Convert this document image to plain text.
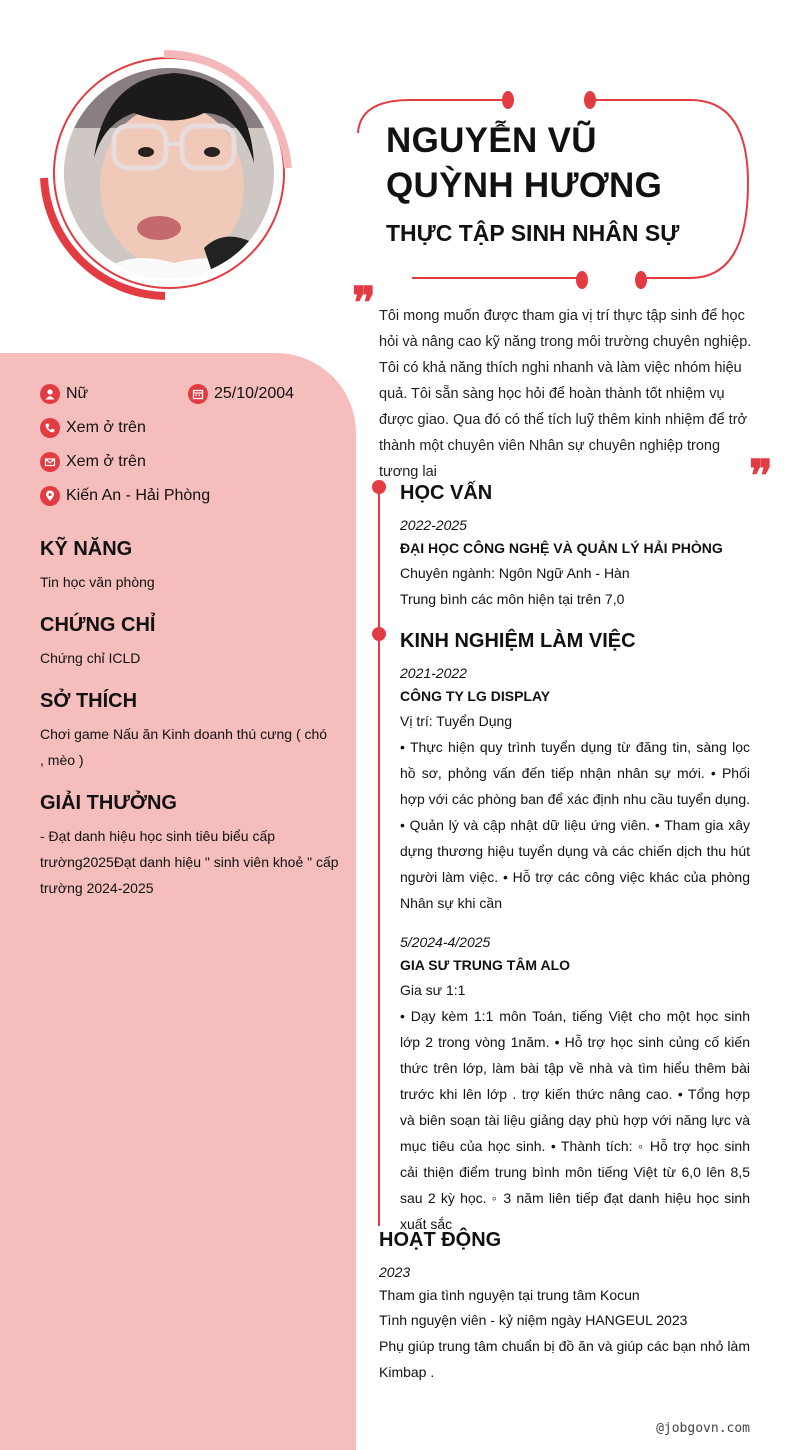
NGUYỄN VŨ
QUỲNH HƯƠNG
THỰC TẬP SINH NHÂN SỰ
❞ Tôi mong muốn được tham gia vị trí thực tập sinh để học hỏi và nâng cao kỹ năng trong môi trường chuyên nghiệp. Tôi có khả năng thích nghi nhanh và làm việc nhóm hiệu quả. Tôi sẵn sàng học hỏi để hoàn thành tốt nhiệm vụ được giao. Qua đó có thể tích luỹ thêm kinh nhiệm để trở thành một chuyên viên Nhân sự chuyên nghiệp trong tương lai	❞
Nữ	25/10/2004
Xem ở trên
Xem ở trên
Kiến An - Hải Phòng
KỸ NĂNG
Tin học văn phòng
CHỨNG CHỈ
Chứng chỉ ICLD
SỞ THÍCH
Chơi game Nấu ăn Kinh doanh thú cưng ( chó , mèo )
GIẢI THƯỞNG
- Đạt danh hiệu học sinh tiêu biểu cấp trường2025Đạt danh hiệu " sinh viên khoẻ " cấp trường 2024-2025
HỌC VẤN
2022-2025
ĐẠI HỌC CÔNG NGHỆ VÀ QUẢN LÝ HẢI PHÒNG
Chuyên ngành: Ngôn Ngữ Anh - Hàn
Trung bình các môn hiện tại trên 7,0
KINH NGHIỆM LÀM VIỆC
2021-2022
CÔNG TY LG DISPLAY
Vị trí: Tuyển Dụng
• Thực hiện quy trình tuyển dụng từ đăng tin, sàng lọc hồ sơ, phỏng vấn đến tiếp nhận nhân sự mới. • Phối hợp với các phòng ban để xác định nhu cầu tuyển dụng. • Quản lý và cập nhật dữ liệu ứng viên. • Tham gia xây dựng thương hiệu tuyển dụng và các chiến dịch thu hút người làm việc. • Hỗ trợ các công việc khác của phòng Nhân sự khi cần
5/2024-4/2025
GIA SƯ TRUNG TÂM ALO
Gia sư 1:1
• Dạy kèm 1:1 môn Toán, tiếng Việt cho một học sinh lớp 2 trong vòng 1năm. • Hỗ trợ học sinh củng cố kiến thức trên lớp, làm bài tập về nhà và tìm hiểu thêm bài trước khi lên lớp . trợ kiến thức nâng cao. • Tổng hợp và biên soạn tài liệu giảng dạy phù hợp với năng lực và mục tiêu của học sinh. • Thành tích: ◦ Hỗ trợ học sinh cải thiện điểm trung bình môn tiếng Việt từ 6,0 lên 8,5 sau 2 kỳ học. ◦ 3 năm liên tiếp đạt danh hiệu học sinh xuất sắc
HOẠT ĐỘNG
2023
Tham gia tình nguyện tại trung tâm Kocun
Tình nguyện viên - kỷ niệm ngày HANGEUL 2023
Phụ giúp trung tâm chuẩn bị đồ ăn và giúp các bạn nhỏ làm Kimbap .
@jobgovn.com
